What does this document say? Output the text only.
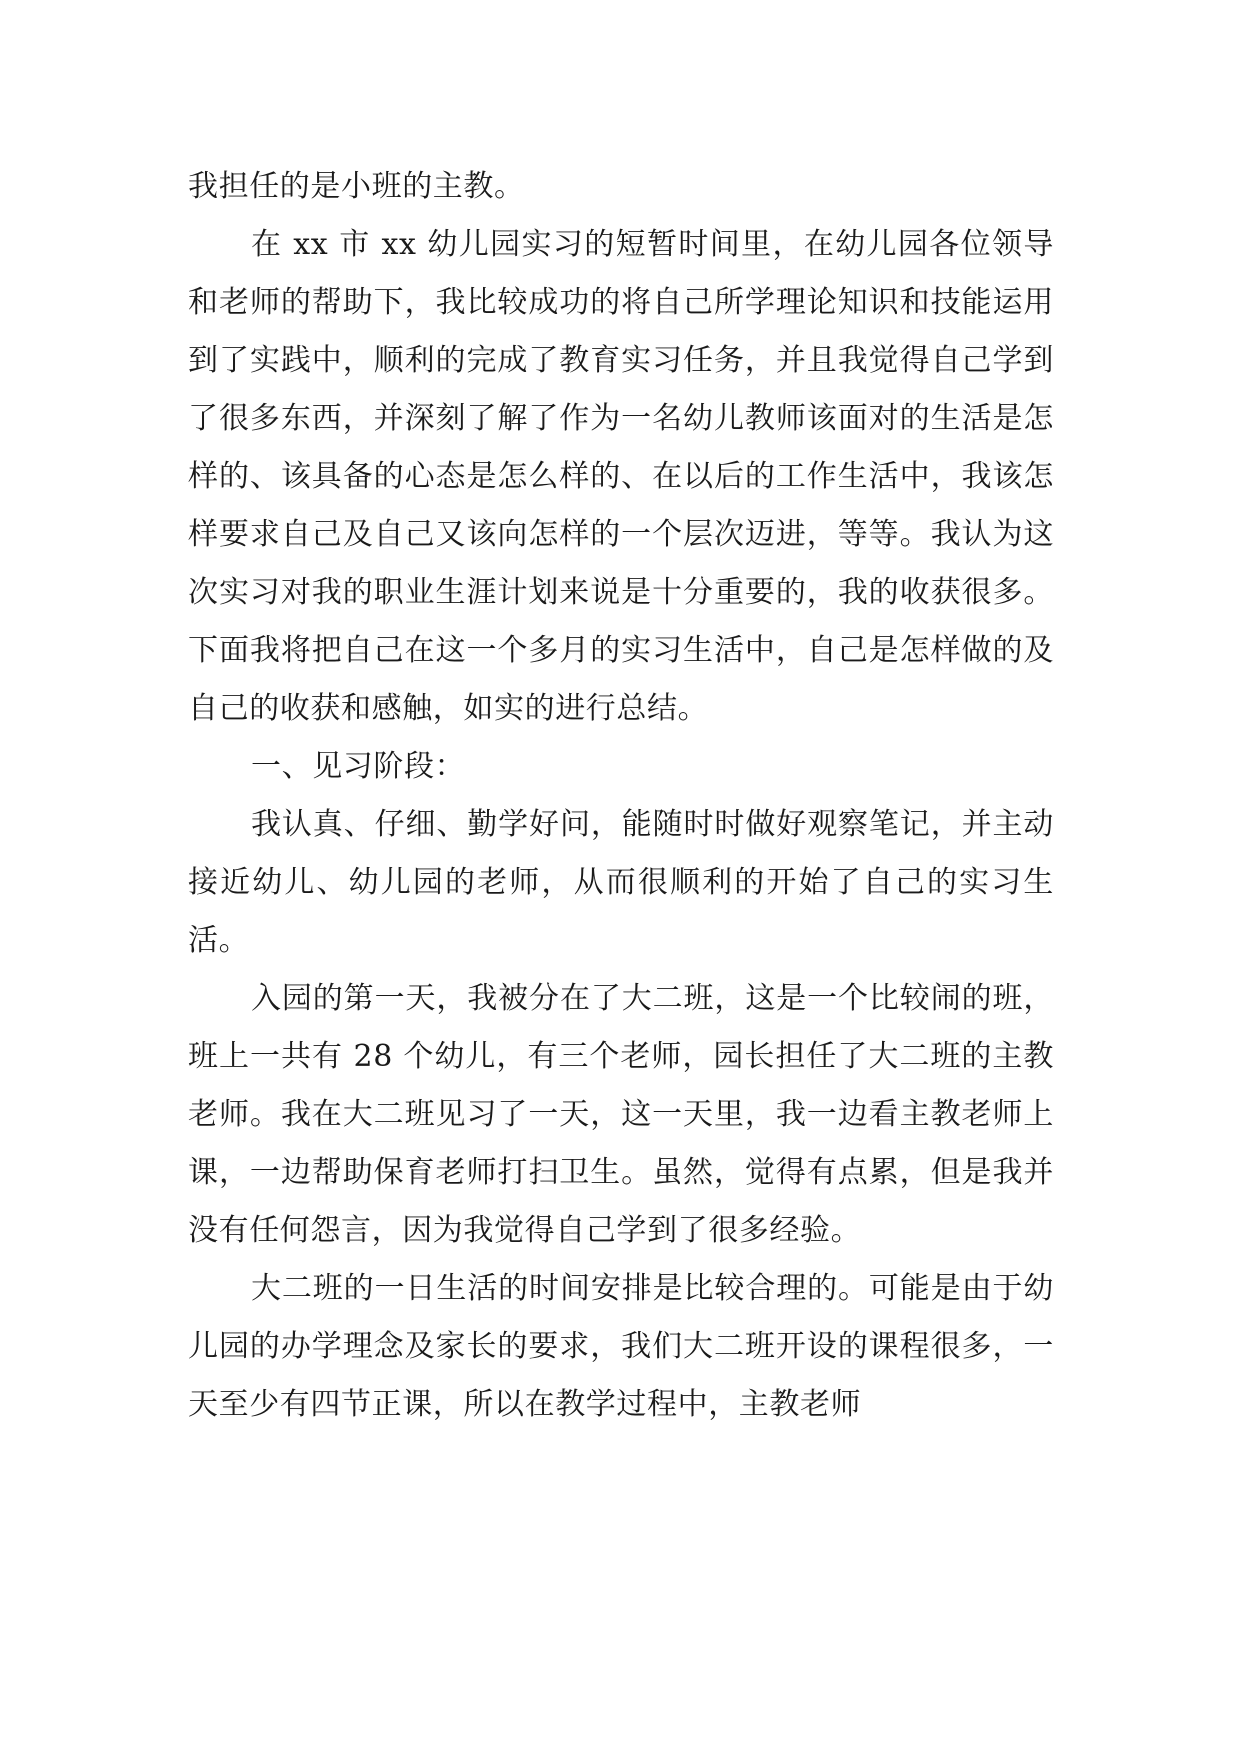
我担任的是小班的主教。

在 xx 市 xx 幼儿园实习的短暂时间里，在幼儿园各位领导和老师的帮助下，我比较成功的将自己所学理论知识和技能运用到了实践中，顺利的完成了教育实习任务，并且我觉得自己学到了很多东西，并深刻了解了作为一名幼儿教师该面对的生活是怎样的、该具备的心态是怎么样的、在以后的工作生活中，我该怎样要求自己及自己又该向怎样的一个层次迈进，等等。我认为这次实习对我的职业生涯计划来说是十分重要的，我的收获很多。下面我将把自己在这一个多月的实习生活中，自己是怎样做的及自己的收获和感触，如实的进行总结。

一、见习阶段：

我认真、仔细、勤学好问，能随时时做好观察笔记，并主动接近幼儿、幼儿园的老师，从而很顺利的开始了自己的实习生活。

入园的第一天，我被分在了大二班，这是一个比较闹的班，班上一共有 28 个幼儿，有三个老师，园长担任了大二班的主教老师。我在大二班见习了一天，这一天里，我一边看主教老师上课，一边帮助保育老师打扫卫生。虽然，觉得有点累，但是我并没有任何怨言，因为我觉得自己学到了很多经验。

大二班的一日生活的时间安排是比较合理的。可能是由于幼儿园的办学理念及家长的要求，我们大二班开设的课程很多，一天至少有四节正课，所以在教学过程中，主教老师
